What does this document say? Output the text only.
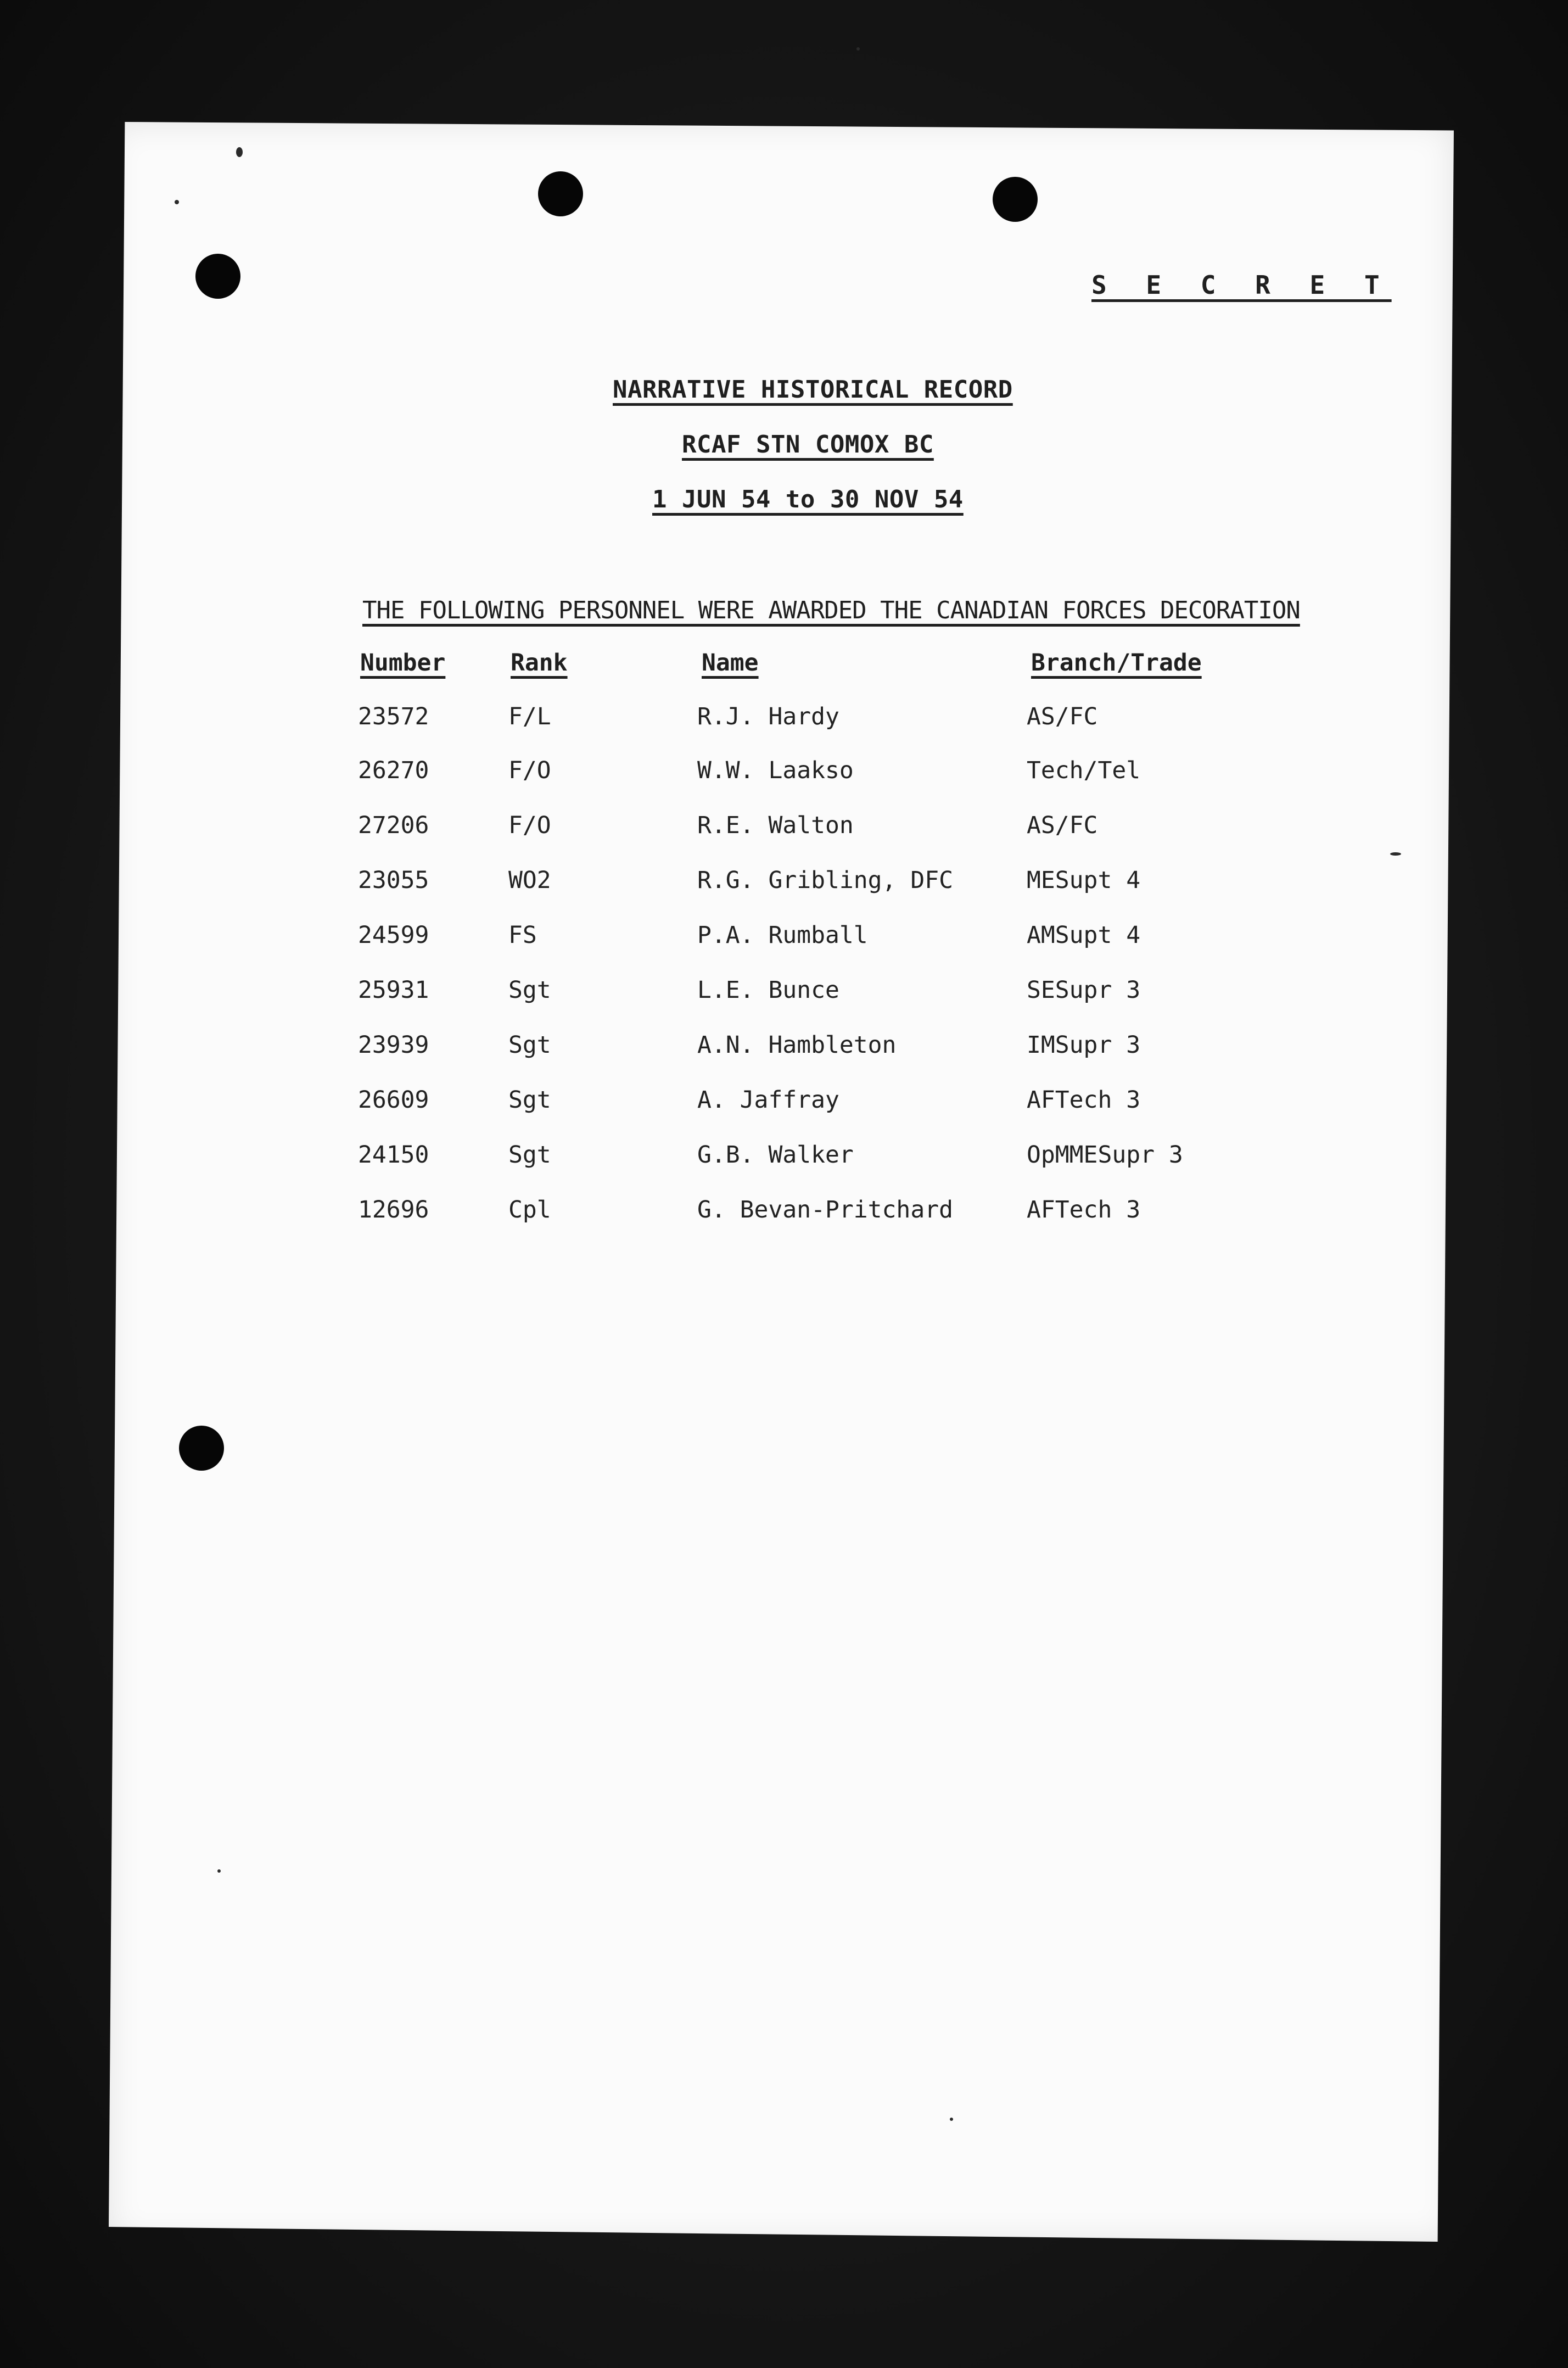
S E C R E T
NARRATIVE HISTORICAL RECORD
RCAF STN COMOX BC
1 JUN 54 to 30 NOV 54
THE FOLLOWING PERSONNEL WERE AWARDED THE CANADIAN FORCES DECORATION
Number	Rank	Name	Branch/Trade
23572	F/L	R.J. Hardy	AS/FC
26270	F/O	W.W. Laakso	Tech/Tel
27206	F/O	R.E. Walton	AS/FC
23055	WO2	R.G. Gribling, DFC	MESupt 4
24599	FS	P.A. Rumball	AMSupt 4
25931	Sgt	L.E. Bunce	SESupr 3
23939	Sgt	A.N. Hambleton	IMSupr 3
26609	Sgt	A. Jaffray	AFTech 3
24150	Sgt	G.B. Walker	OpMMESupr 3
12696	Cpl	G. Bevan-Pritchard	AFTech 3
